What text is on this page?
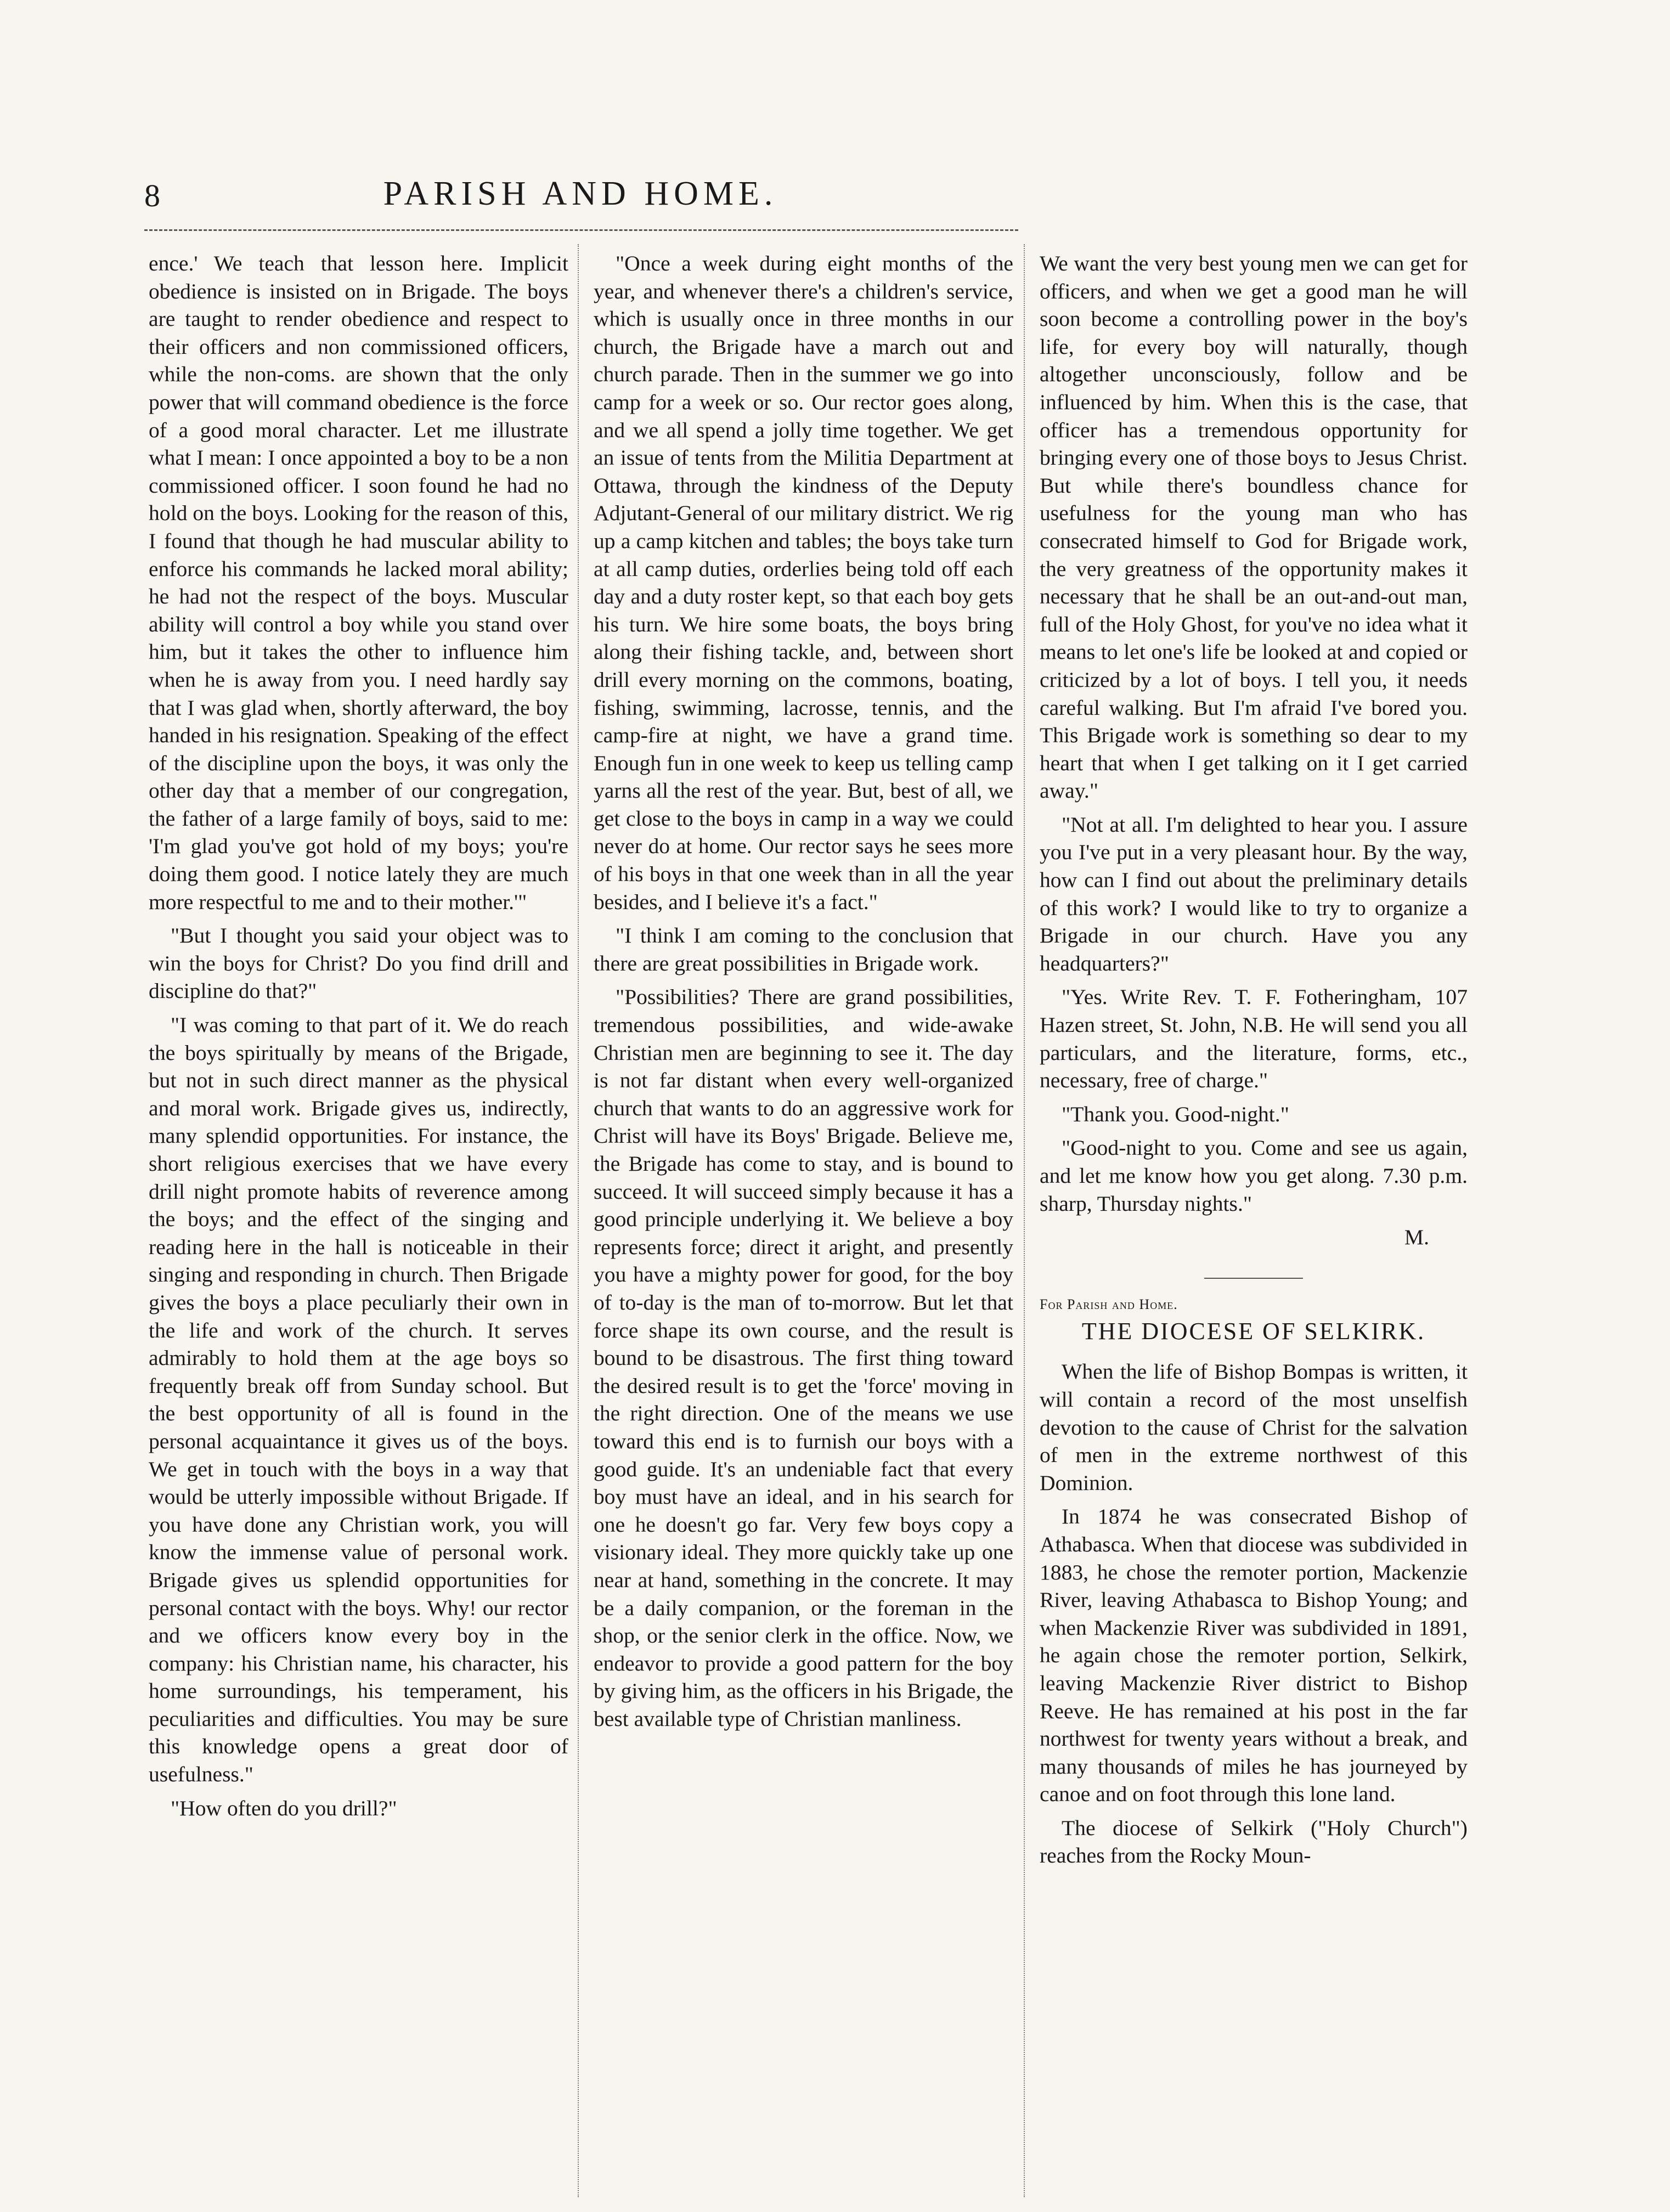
8	PARISH AND HOME.

ence.' We teach that lesson here. Implicit obedience is insisted on in Brigade. The boys are taught to render obedience and respect to their officers and non commissioned officers, while the non-coms. are shown that the only power that will command obedience is the force of a good moral character. Let me illustrate what I mean: I once appointed a boy to be a non commissioned officer. I soon found he had no hold on the boys. Looking for the reason of this, I found that though he had muscular ability to enforce his commands he lacked moral ability; he had not the respect of the boys. Muscular ability will control a boy while you stand over him, but it takes the other to influence him when he is away from you. I need hardly say that I was glad when, shortly afterward, the boy handed in his resignation. Speaking of the effect of the discipline upon the boys, it was only the other day that a member of our congregation, the father of a large family of boys, said to me: 'I'm glad you've got hold of my boys; you're doing them good. I notice lately they are much more respectful to me and to their mother.'"

"But I thought you said your object was to win the boys for Christ? Do you find drill and discipline do that?"

"I was coming to that part of it. We do reach the boys spiritually by means of the Brigade, but not in such direct manner as the physical and moral work. Brigade gives us, indirectly, many splendid opportunities. For instance, the short religious exercises that we have every drill night promote habits of reverence among the boys; and the effect of the singing and reading here in the hall is noticeable in their singing and responding in church. Then Brigade gives the boys a place peculiarly their own in the life and work of the church. It serves admirably to hold them at the age boys so frequently break off from Sunday school. But the best opportunity of all is found in the personal acquaintance it gives us of the boys. We get in touch with the boys in a way that would be utterly impossible without Brigade. If you have done any Christian work, you will know the immense value of personal work. Brigade gives us splendid opportunities for personal contact with the boys. Why! our rector and we officers know every boy in the company: his Christian name, his character, his home surroundings, his temperament, his peculiarities and difficulties. You may be sure this knowledge opens a great door of usefulness."

"How often do you drill?"

"Once a week during eight months of the year, and whenever there's a children's service, which is usually once in three months in our church, the Brigade have a march out and church parade. Then in the summer we go into camp for a week or so. Our rector goes along, and we all spend a jolly time together. We get an issue of tents from the Militia Department at Ottawa, through the kindness of the Deputy Adjutant-General of our military district. We rig up a camp kitchen and tables; the boys take turn at all camp duties, orderlies being told off each day and a duty roster kept, so that each boy gets his turn. We hire some boats, the boys bring along their fishing tackle, and, between short drill every morning on the commons, boating, fishing, swimming, lacrosse, tennis, and the camp-fire at night, we have a grand time. Enough fun in one week to keep us telling camp yarns all the rest of the year. But, best of all, we get close to the boys in camp in a way we could never do at home. Our rector says he sees more of his boys in that one week than in all the year besides, and I believe it's a fact."

"I think I am coming to the conclusion that there are great possibilities in Brigade work.

"Possibilities? There are grand possibilities, tremendous possibilities, and wide-awake Christian men are beginning to see it. The day is not far distant when every well-organized church that wants to do an aggressive work for Christ will have its Boys' Brigade. Believe me, the Brigade has come to stay, and is bound to succeed. It will succeed simply because it has a good principle underlying it. We believe a boy represents force; direct it aright, and presently you have a mighty power for good, for the boy of to-day is the man of to-morrow. But let that force shape its own course, and the result is bound to be disastrous. The first thing toward the desired result is to get the 'force' moving in the right direction. One of the means we use toward this end is to furnish our boys with a good guide. It's an undeniable fact that every boy must have an ideal, and in his search for one he doesn't go far. Very few boys copy a visionary ideal. They more quickly take up one near at hand, something in the concrete. It may be a daily companion, or the foreman in the shop, or the senior clerk in the office. Now, we endeavor to provide a good pattern for the boy by giving him, as the officers in his Brigade, the best available type of Christian manliness.

We want the very best young men we can get for officers, and when we get a good man he will soon become a controlling power in the boy's life, for every boy will naturally, though altogether unconsciously, follow and be influenced by him. When this is the case, that officer has a tremendous opportunity for bringing every one of those boys to Jesus Christ. But while there's boundless chance for usefulness for the young man who has consecrated himself to God for Brigade work, the very greatness of the opportunity makes it necessary that he shall be an out-and-out man, full of the Holy Ghost, for you've no idea what it means to let one's life be looked at and copied or criticized by a lot of boys. I tell you, it needs careful walking. But I'm afraid I've bored you. This Brigade work is something so dear to my heart that when I get talking on it I get carried away."

"Not at all. I'm delighted to hear you. I assure you I've put in a very pleasant hour. By the way, how can I find out about the preliminary details of this work? I would like to try to organize a Brigade in our church. Have you any headquarters?"

"Yes. Write Rev. T. F. Fotheringham, 107 Hazen street, St. John, N.B. He will send you all particulars, and the literature, forms, etc., necessary, free of charge."

"Thank you. Good-night."

"Good-night to you. Come and see us again, and let me know how you get along. 7.30 p.m. sharp, Thursday nights."

M.

For Parish and Home.
THE DIOCESE OF SELKIRK.

When the life of Bishop Bompas is written, it will contain a record of the most unselfish devotion to the cause of Christ for the salvation of men in the extreme northwest of this Dominion.

In 1874 he was consecrated Bishop of Athabasca. When that diocese was subdivided in 1883, he chose the remoter portion, Mackenzie River, leaving Athabasca to Bishop Young; and when Mackenzie River was subdivided in 1891, he again chose the remoter portion, Selkirk, leaving Mackenzie River district to Bishop Reeve. He has remained at his post in the far northwest for twenty years without a break, and many thousands of miles he has journeyed by canoe and on foot through this lone land.

The diocese of Selkirk ("Holy Church") reaches from the Rocky Moun-
